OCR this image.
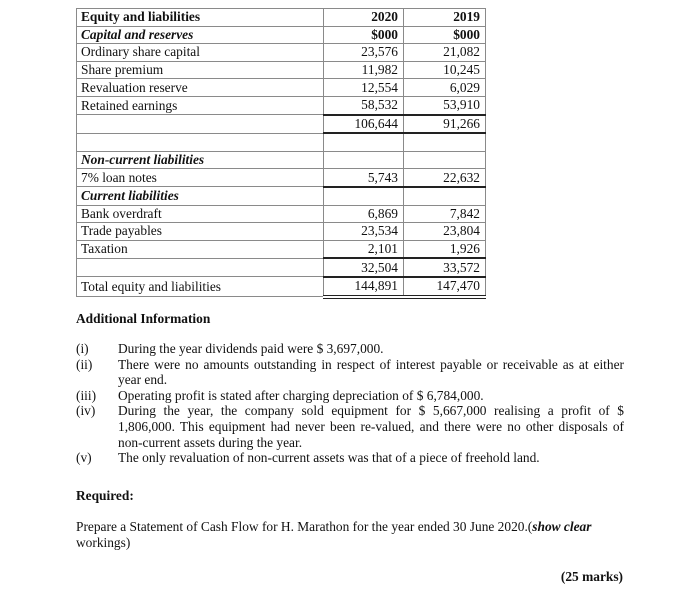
Equity and liabilities	2020	2019
Capital and reserves	$000	$000
Ordinary share capital	23,576	21,082
Share premium	11,982	10,245
Revaluation reserve	12,554	6,029
Retained earnings	58,532	53,910
	106,644	91,266

Non-current liabilities		
7% loan notes	5,743	22,632
Current liabilities		
Bank overdraft	6,869	7,842
Trade payables	23,534	23,804
Taxation	2,101	1,926
	32,504	33,572
Total equity and liabilities	144,891	147,470
Additional Information
(i)	During the year dividends paid were $ 3,697,000.
(ii)	There were no amounts outstanding in respect of interest payable or receivable as at either year end.
(iii)	Operating profit is stated after charging depreciation of $ 6,784,000.
(iv)	During the year, the company sold equipment for $ 5,667,000 realising a profit of $ 1,806,000. This equipment had never been re-valued, and there were no other disposals of non-current assets during the year.
(v)	The only revaluation of non-current assets was that of a piece of freehold land.
Required:
Prepare a Statement of Cash Flow for H. Marathon for the year ended 30 June 2020.(show clear workings)
(25 marks)
